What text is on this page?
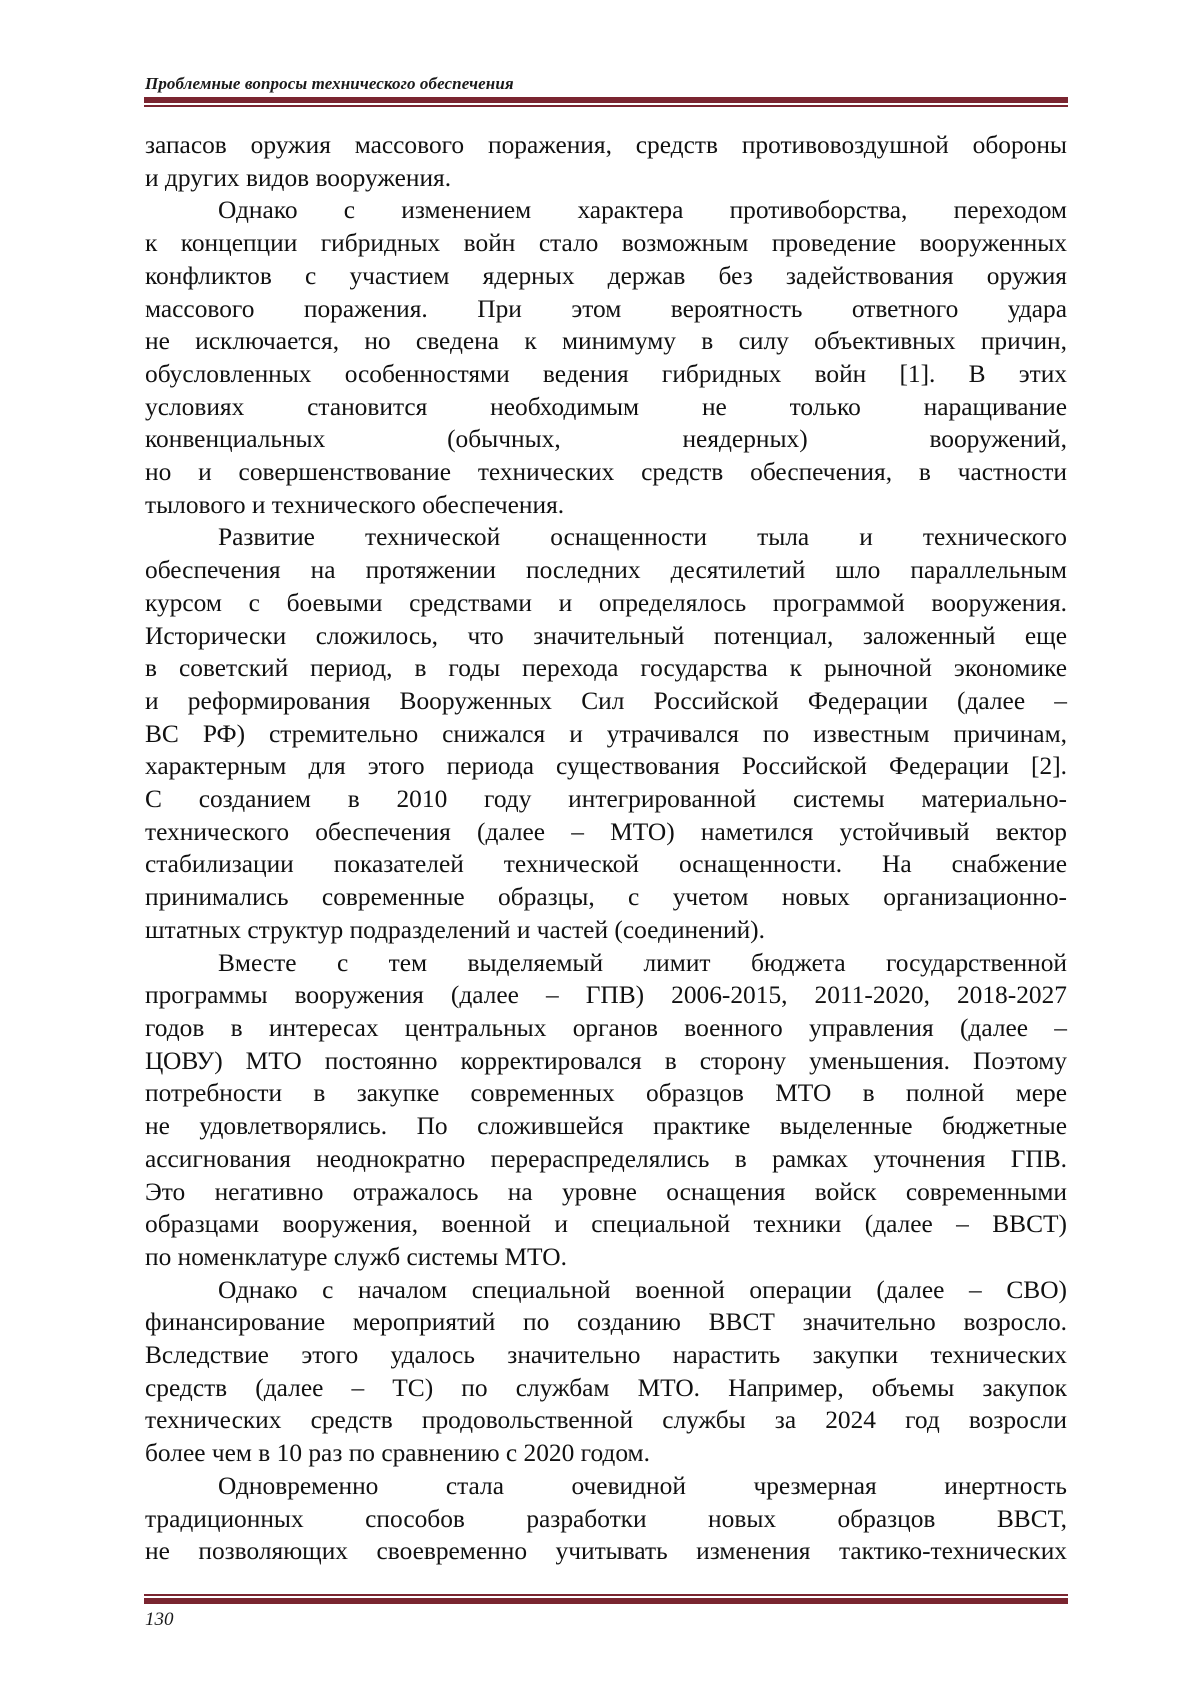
Проблемные вопросы технического обеспечения

запасов оружия массового поражения, средств противовоздушной обороны

и других видов вооружения.

Однако с изменением характера противоборства, переходом

к концепции гибридных войн стало возможным проведение вооруженных

конфликтов с участием ядерных держав без задействования оружия

массового поражения. При этом вероятность ответного удара

не исключается, но сведена к минимуму в силу объективных причин,

обусловленных особенностями ведения гибридных войн [1]. В этих

условиях становится необходимым не только наращивание

конвенциальных (обычных, неядерных) вооружений,

но и совершенствование технических средств обеспечения, в частности

тылового и технического обеспечения.

Развитие технической оснащенности тыла и технического

обеспечения на протяжении последних десятилетий шло параллельным

курсом с боевыми средствами и определялось программой вооружения.

Исторически сложилось, что значительный потенциал, заложенный еще

в советский период, в годы перехода государства к рыночной экономике

и реформирования Вооруженных Сил Российской Федерации (далее –

ВС РФ) стремительно снижался и утрачивался по известным причинам,

характерным для этого периода существования Российской Федерации [2].

С созданием в 2010 году интегрированной системы материально-

технического обеспечения (далее – МТО) наметился устойчивый вектор

стабилизации показателей технической оснащенности. На снабжение

принимались современные образцы, с учетом новых организационно-

штатных структур подразделений и частей (соединений).

Вместе с тем выделяемый лимит бюджета государственной

программы вооружения (далее – ГПВ) 2006-2015, 2011-2020, 2018-2027

годов в интересах центральных органов военного управления (далее –

ЦОВУ) МТО постоянно корректировался в сторону уменьшения. Поэтому

потребности в закупке современных образцов МТО в полной мере

не удовлетворялись. По сложившейся практике выделенные бюджетные

ассигнования неоднократно перераспределялись в рамках уточнения ГПВ.

Это негативно отражалось на уровне оснащения войск современными

образцами вооружения, военной и специальной техники (далее – ВВСТ)

по номенклатуре служб системы МТО.

Однако с началом специальной военной операции (далее – СВО)

финансирование мероприятий по созданию ВВСТ значительно возросло.

Вследствие этого удалось значительно нарастить закупки технических

средств (далее – ТС) по службам МТО. Например, объемы закупок

технических средств продовольственной службы за 2024 год возросли

более чем в 10 раз по сравнению с 2020 годом.

Одновременно стала очевидной чрезмерная инертность

традиционных способов разработки новых образцов ВВСТ,

не позволяющих своевременно учитывать изменения тактико-технических

130
